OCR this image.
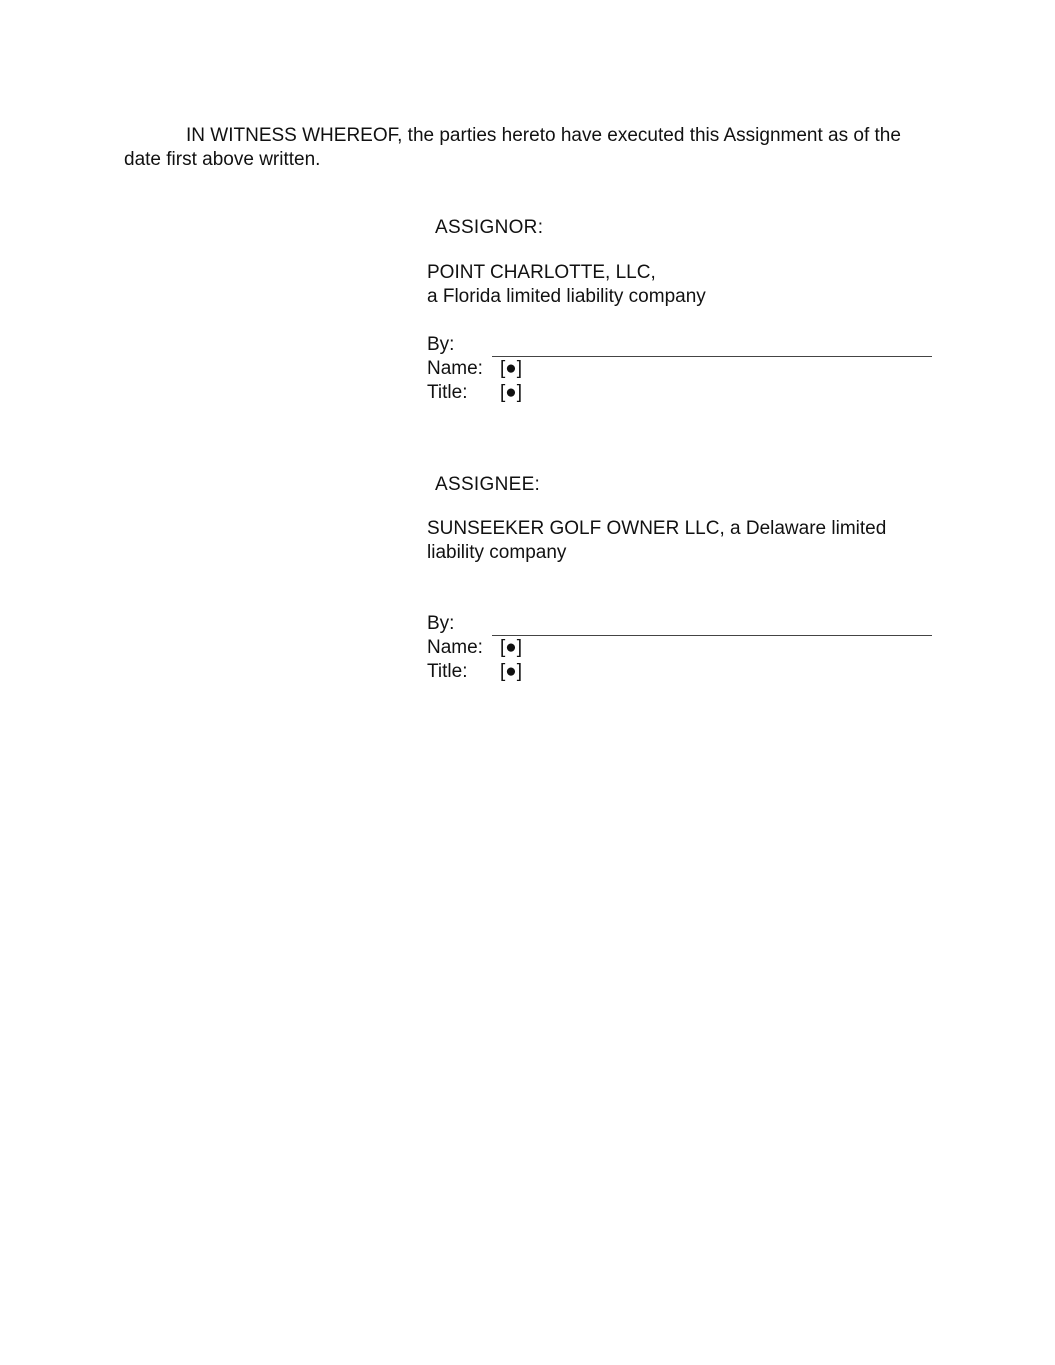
IN WITNESS WHEREOF, the parties hereto have executed this Assignment as of the date first above written.

ASSIGNOR:

POINT CHARLOTTE, LLC,
a Florida limited liability company

By:
Name: [●]
Title: [●]

ASSIGNEE:

SUNSEEKER GOLF OWNER LLC, a Delaware limited
liability company

By:
Name: [●]
Title: [●]
